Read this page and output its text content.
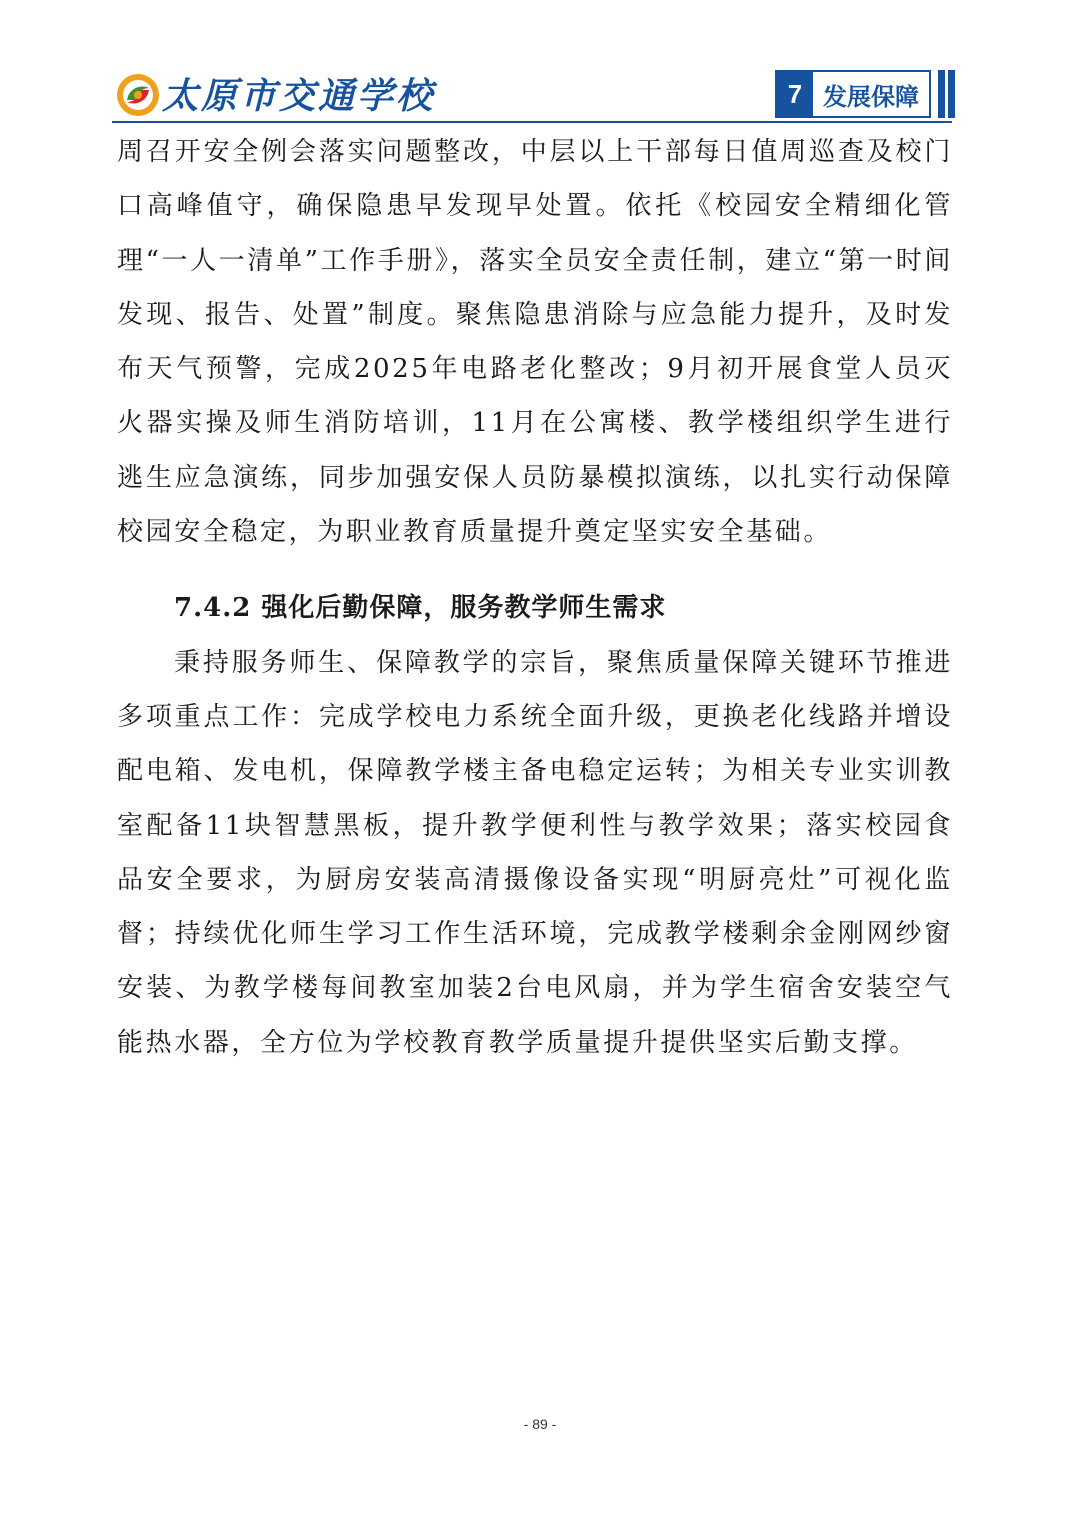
太原市交通学校	7 发展保障

周召开安全例会落实问题整改，中层以上干部每日值周巡查及校门口高峰值守，确保隐患早发现早处置。依托《校园安全精细化管理“一人一清单”工作手册》，落实全员安全责任制，建立“第一时间发现、报告、处置”制度。聚焦隐患消除与应急能力提升，及时发布天气预警，完成2025年电路老化整改；9月初开展食堂人员灭火器实操及师生消防培训，11月在公寓楼、教学楼组织学生进行逃生应急演练，同步加强安保人员防暴模拟演练，以扎实行动保障校园安全稳定，为职业教育质量提升奠定坚实安全基础。

7.4.2 强化后勤保障，服务教学师生需求

秉持服务师生、保障教学的宗旨，聚焦质量保障关键环节推进多项重点工作：完成学校电力系统全面升级，更换老化线路并增设配电箱、发电机，保障教学楼主备电稳定运转；为相关专业实训教室配备11块智慧黑板，提升教学便利性与教学效果；落实校园食品安全要求，为厨房安装高清摄像设备实现“明厨亮灶”可视化监督；持续优化师生学习工作生活环境，完成教学楼剩余金刚网纱窗安装、为教学楼每间教室加装2台电风扇，并为学生宿舍安装空气能热水器，全方位为学校教育教学质量提升提供坚实后勤支撑。

- 89 -
